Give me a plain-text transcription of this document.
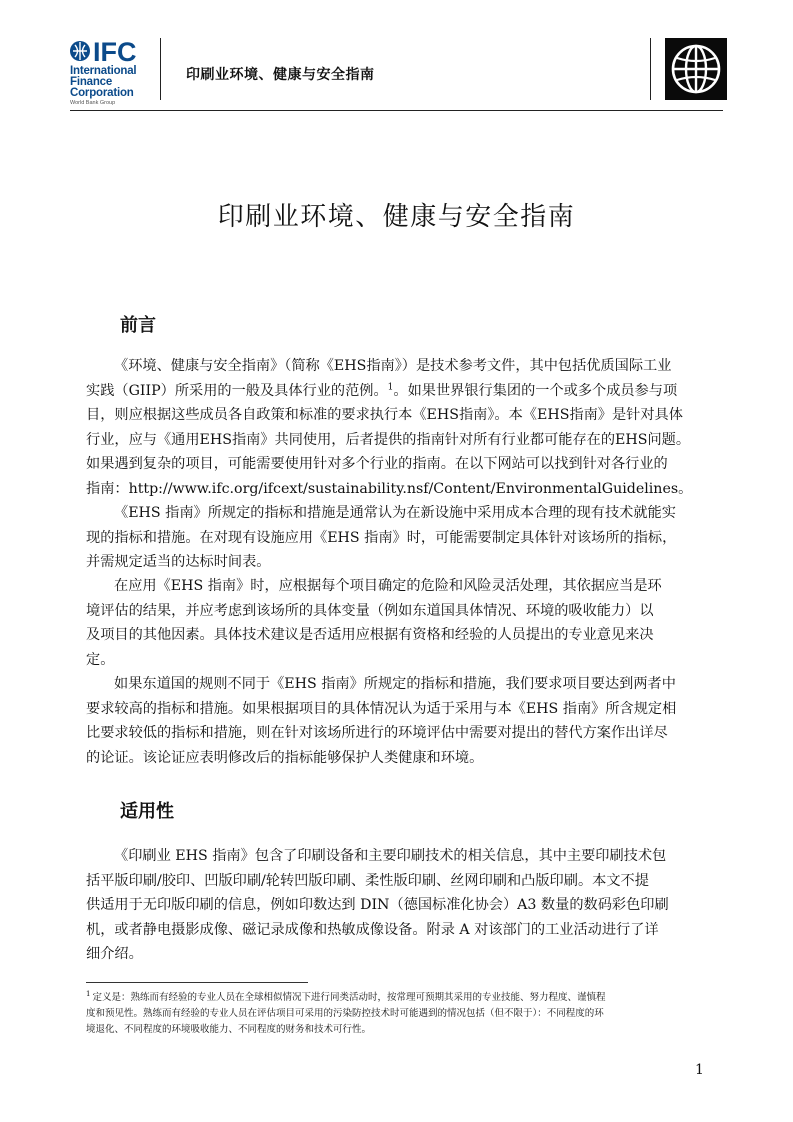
IFC
International
Finance
Corporation
World Bank Group
印刷业环境、健康与安全指南
印刷业环境、健康与安全指南
前言
《环境、健康与安全指南》（简称《EHS指南》）是技术参考文件，其中包括优质国际工业
实践（GIIP）所采用的一般及具体行业的范例。$^1$。如果世界银行集团的一个或多个成员参与项
目，则应根据这些成员各自政策和标准的要求执行本《EHS指南》。本《EHS指南》是针对具体
行业，应与《通用EHS指南》共同使用，后者提供的指南针对所有行业都可能存在的EHS问题。
如果遇到复杂的项目，可能需要使用针对多个行业的指南。在以下网站可以找到针对各行业的
指南：http://www.ifc.org/ifcext/sustainability.nsf/Content/EnvironmentalGuidelines。
《EHS 指南》所规定的指标和措施是通常认为在新设施中采用成本合理的现有技术就能实
现的指标和措施。在对现有设施应用《EHS 指南》时，可能需要制定具体针对该场所的指标，
并需规定适当的达标时间表。
在应用《EHS 指南》时，应根据每个项目确定的危险和风险灵活处理，其依据应当是环
境评估的结果，并应考虑到该场所的具体变量（例如东道国具体情况、环境的吸收能力）以
及项目的其他因素。具体技术建议是否适用应根据有资格和经验的人员提出的专业意见来决
定。
如果东道国的规则不同于《EHS 指南》所规定的指标和措施，我们要求项目要达到两者中
要求较高的指标和措施。如果根据项目的具体情况认为适于采用与本《EHS 指南》所含规定相
比要求较低的指标和措施，则在针对该场所进行的环境评估中需要对提出的替代方案作出详尽
的论证。该论证应表明修改后的指标能够保护人类健康和环境。
适用性
《印刷业 EHS 指南》包含了印刷设备和主要印刷技术的相关信息，其中主要印刷技术包
括平版印刷/胶印、凹版印刷/轮转凹版印刷、柔性版印刷、丝网印刷和凸版印刷。本文不提
供适用于无印版印刷的信息，例如印数达到 DIN（德国标准化协会）A3 数量的数码彩色印刷
机，或者静电摄影成像、磁记录成像和热敏成像设备。附录 A 对该部门的工业活动进行了详
细介绍。
$^1$ 定义是：熟练而有经验的专业人员在全球相似情况下进行同类活动时，按常理可预期其采用的专业技能、努力程度、谨慎程
度和预见性。熟练而有经验的专业人员在评估项目可采用的污染防控技术时可能遇到的情况包括（但不限于）：不同程度的环
境退化、不同程度的环境吸收能力、不同程度的财务和技术可行性。
1
